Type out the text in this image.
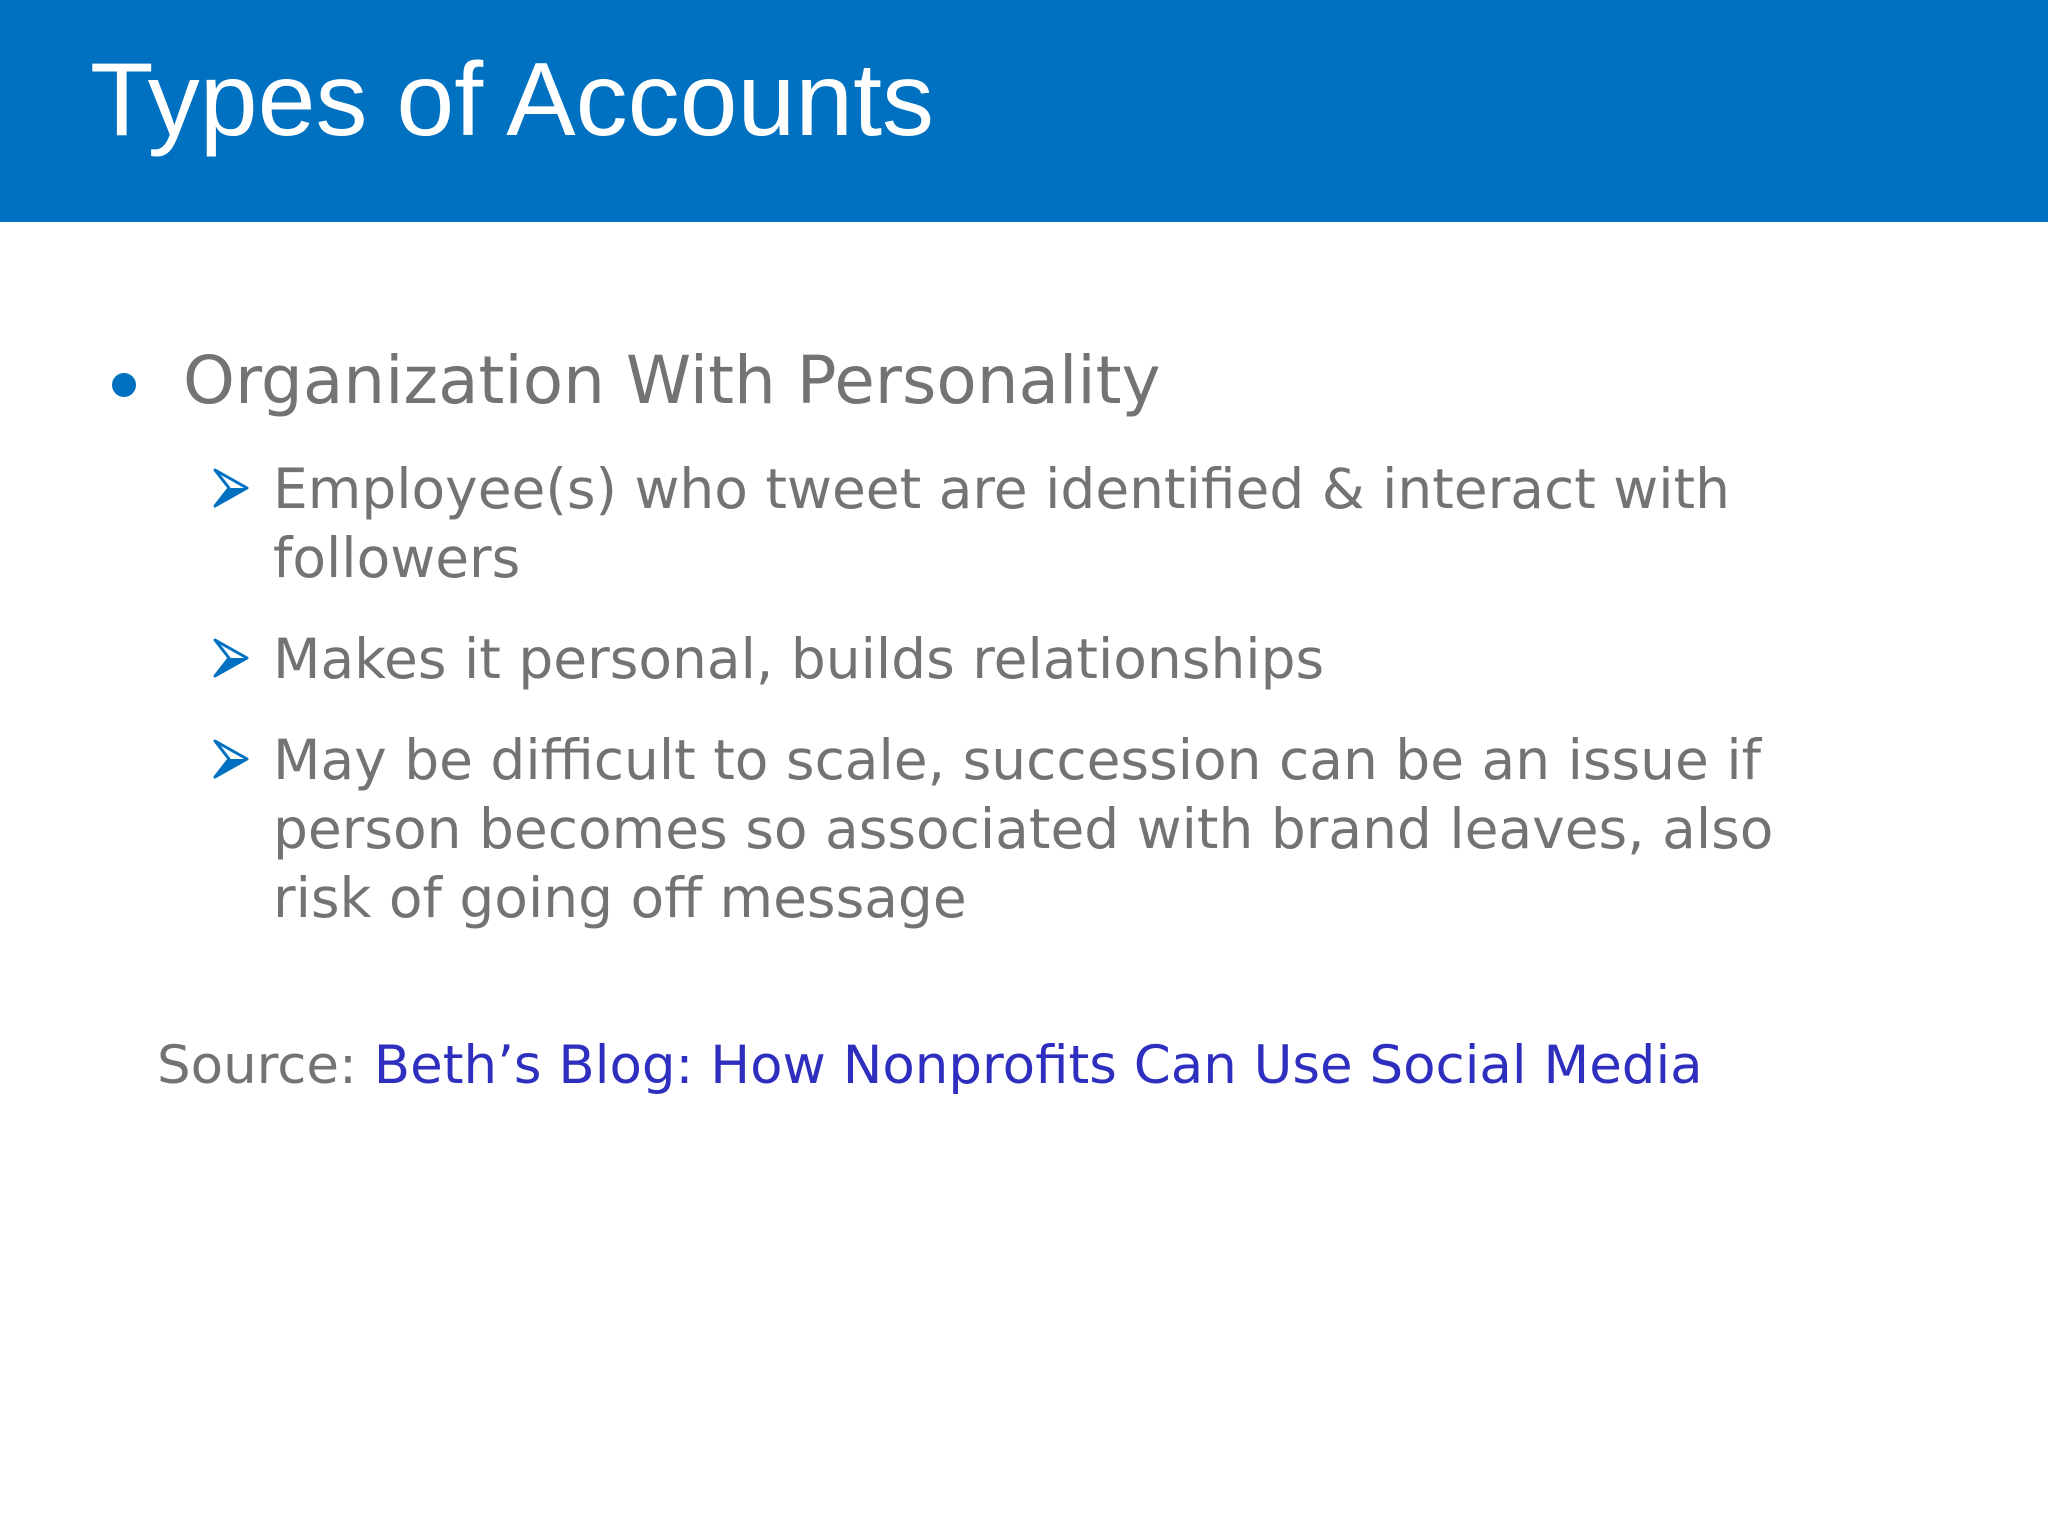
Types of Accounts
Organization With Personality
Employee(s) who tweet are identified & interact with followers
Makes it personal, builds relationships
May be difficult to scale, succession can be an issue if person becomes so associated with brand leaves, also risk of going off message
Source: Beth’s Blog: How Nonprofits Can Use Social Media
